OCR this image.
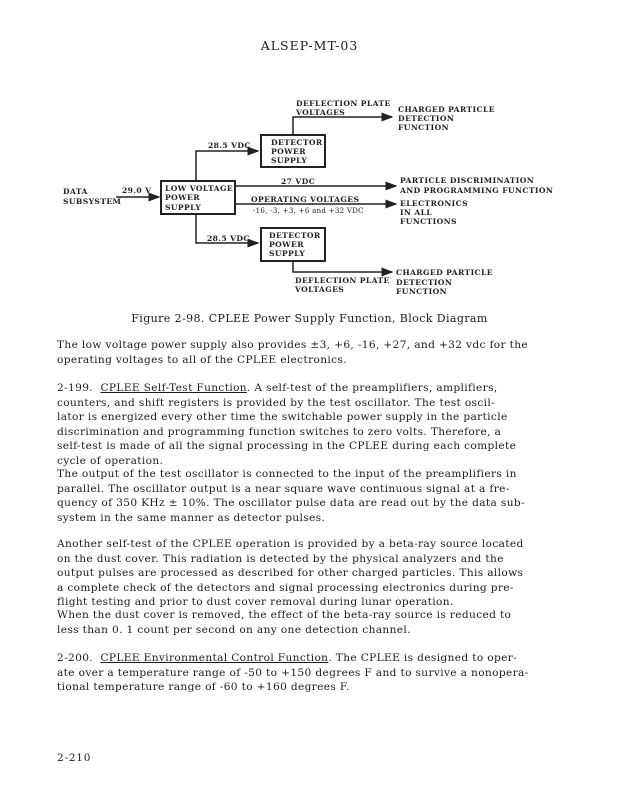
ALSEP-MT-03
DATA
SUBSYSTEM
29.0 V LOW VOLTAGE
POWER
SUPPLY
28.5 VDC	DETECTOR
POWER
SUPPLY
DEFLECTION PLATE
VOLTAGES	CHARGED PARTICLE
DETECTION
FUNCTION
27 VDC	PARTICLE DISCRIMINATION
AND PROGRAMMING FUNCTION
OPERATING VOLTAGES
-16, -3, +3, +6 and +32 VDC
ELECTRONICS
IN ALL
FUNCTIONS
28.5 VDC	DETECTOR
POWER
SUPPLY
DEFLECTION PLATE
VOLTAGES
CHARGED PARTICLE
DETECTION
FUNCTION
Figure 2-98. CPLEE Power Supply Function, Block Diagram

The low voltage power supply also provides ±3, +6, -16, +27, and +32 vdc for the
operating voltages to all of the CPLEE electronics.

2-199. CPLEE Self-Test Function. A self-test of the preamplifiers, amplifiers,
counters, and shift registers is provided by the test oscillator. The test oscil-
lator is energized every other time the switchable power supply in the particle
discrimination and programming function switches to zero volts. Therefore, a
self-test is made of all the signal processing in the CPLEE during each complete
cycle of operation.

The output of the test oscillator is connected to the input of the preamplifiers in
parallel. The oscillator output is a near square wave continuous signal at a fre-
quency of 350 KHz ± 10%. The oscillator pulse data are read out by the data sub-
system in the same manner as detector pulses.

Another self-test of the CPLEE operation is provided by a beta-ray source located
on the dust cover. This radiation is detected by the physical analyzers and the
output pulses are processed as described for other charged particles. This allows
a complete check of the detectors and signal processing electronics during pre-
flight testing and prior to dust cover removal during lunar operation.

When the dust cover is removed, the effect of the beta-ray source is reduced to
less than 0. 1 count per second on any one detection channel.

2-200. CPLEE Environmental Control Function. The CPLEE is designed to oper-
ate over a temperature range of -50 to +150 degrees F and to survive a nonopera-
tional temperature range of -60 to +160 degrees F.

2-210
